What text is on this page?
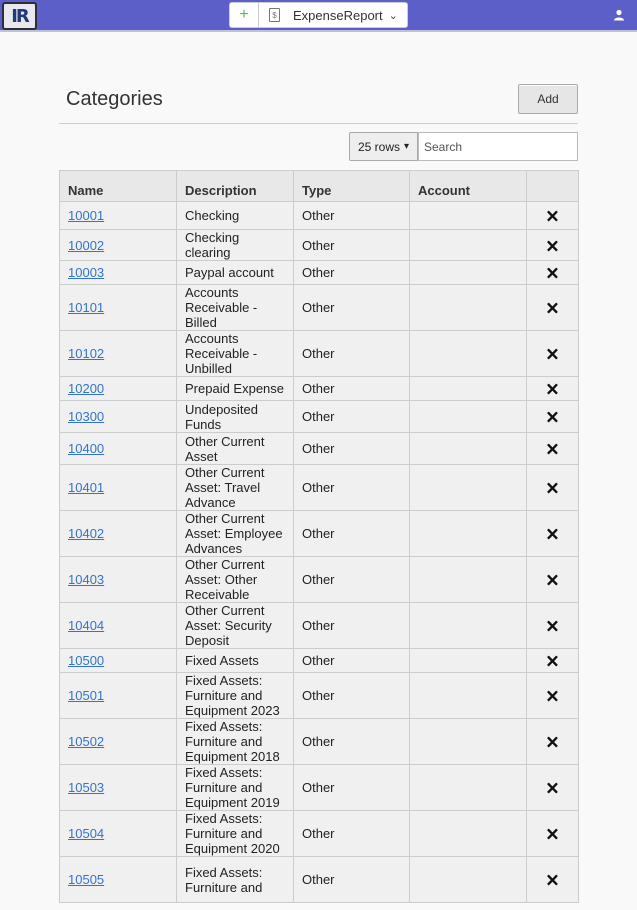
IR	+	$ ExpenseReport ⌄
Categories	Add
25 rows ▾	Search
Name	Description	Type	Account	
10001	Checking	Other		🗙
10002	Checking clearing	Other		🗙
10003	Paypal account	Other		🗙
10101	Accounts Receivable - Billed	Other		🗙
10102	Accounts Receivable - Unbilled	Other		🗙
10200	Prepaid Expense	Other		🗙
10300	Undeposited Funds	Other		🗙
10400	Other Current Asset	Other		🗙
10401	Other Current Asset: Travel Advance	Other		🗙
10402	Other Current Asset: Employee Advances	Other		🗙
10403	Other Current Asset: Other Receivable	Other		🗙
10404	Other Current Asset: Security Deposit	Other		🗙
10500	Fixed Assets	Other		🗙
10501	Fixed Assets: Furniture and Equipment 2023	Other		🗙
10502	Fixed Assets: Furniture and Equipment 2018	Other		🗙
10503	Fixed Assets: Furniture and Equipment 2019	Other		🗙
10504	Fixed Assets: Furniture and Equipment 2020	Other		🗙
10505	Fixed Assets: Furniture and	Other		🗙
